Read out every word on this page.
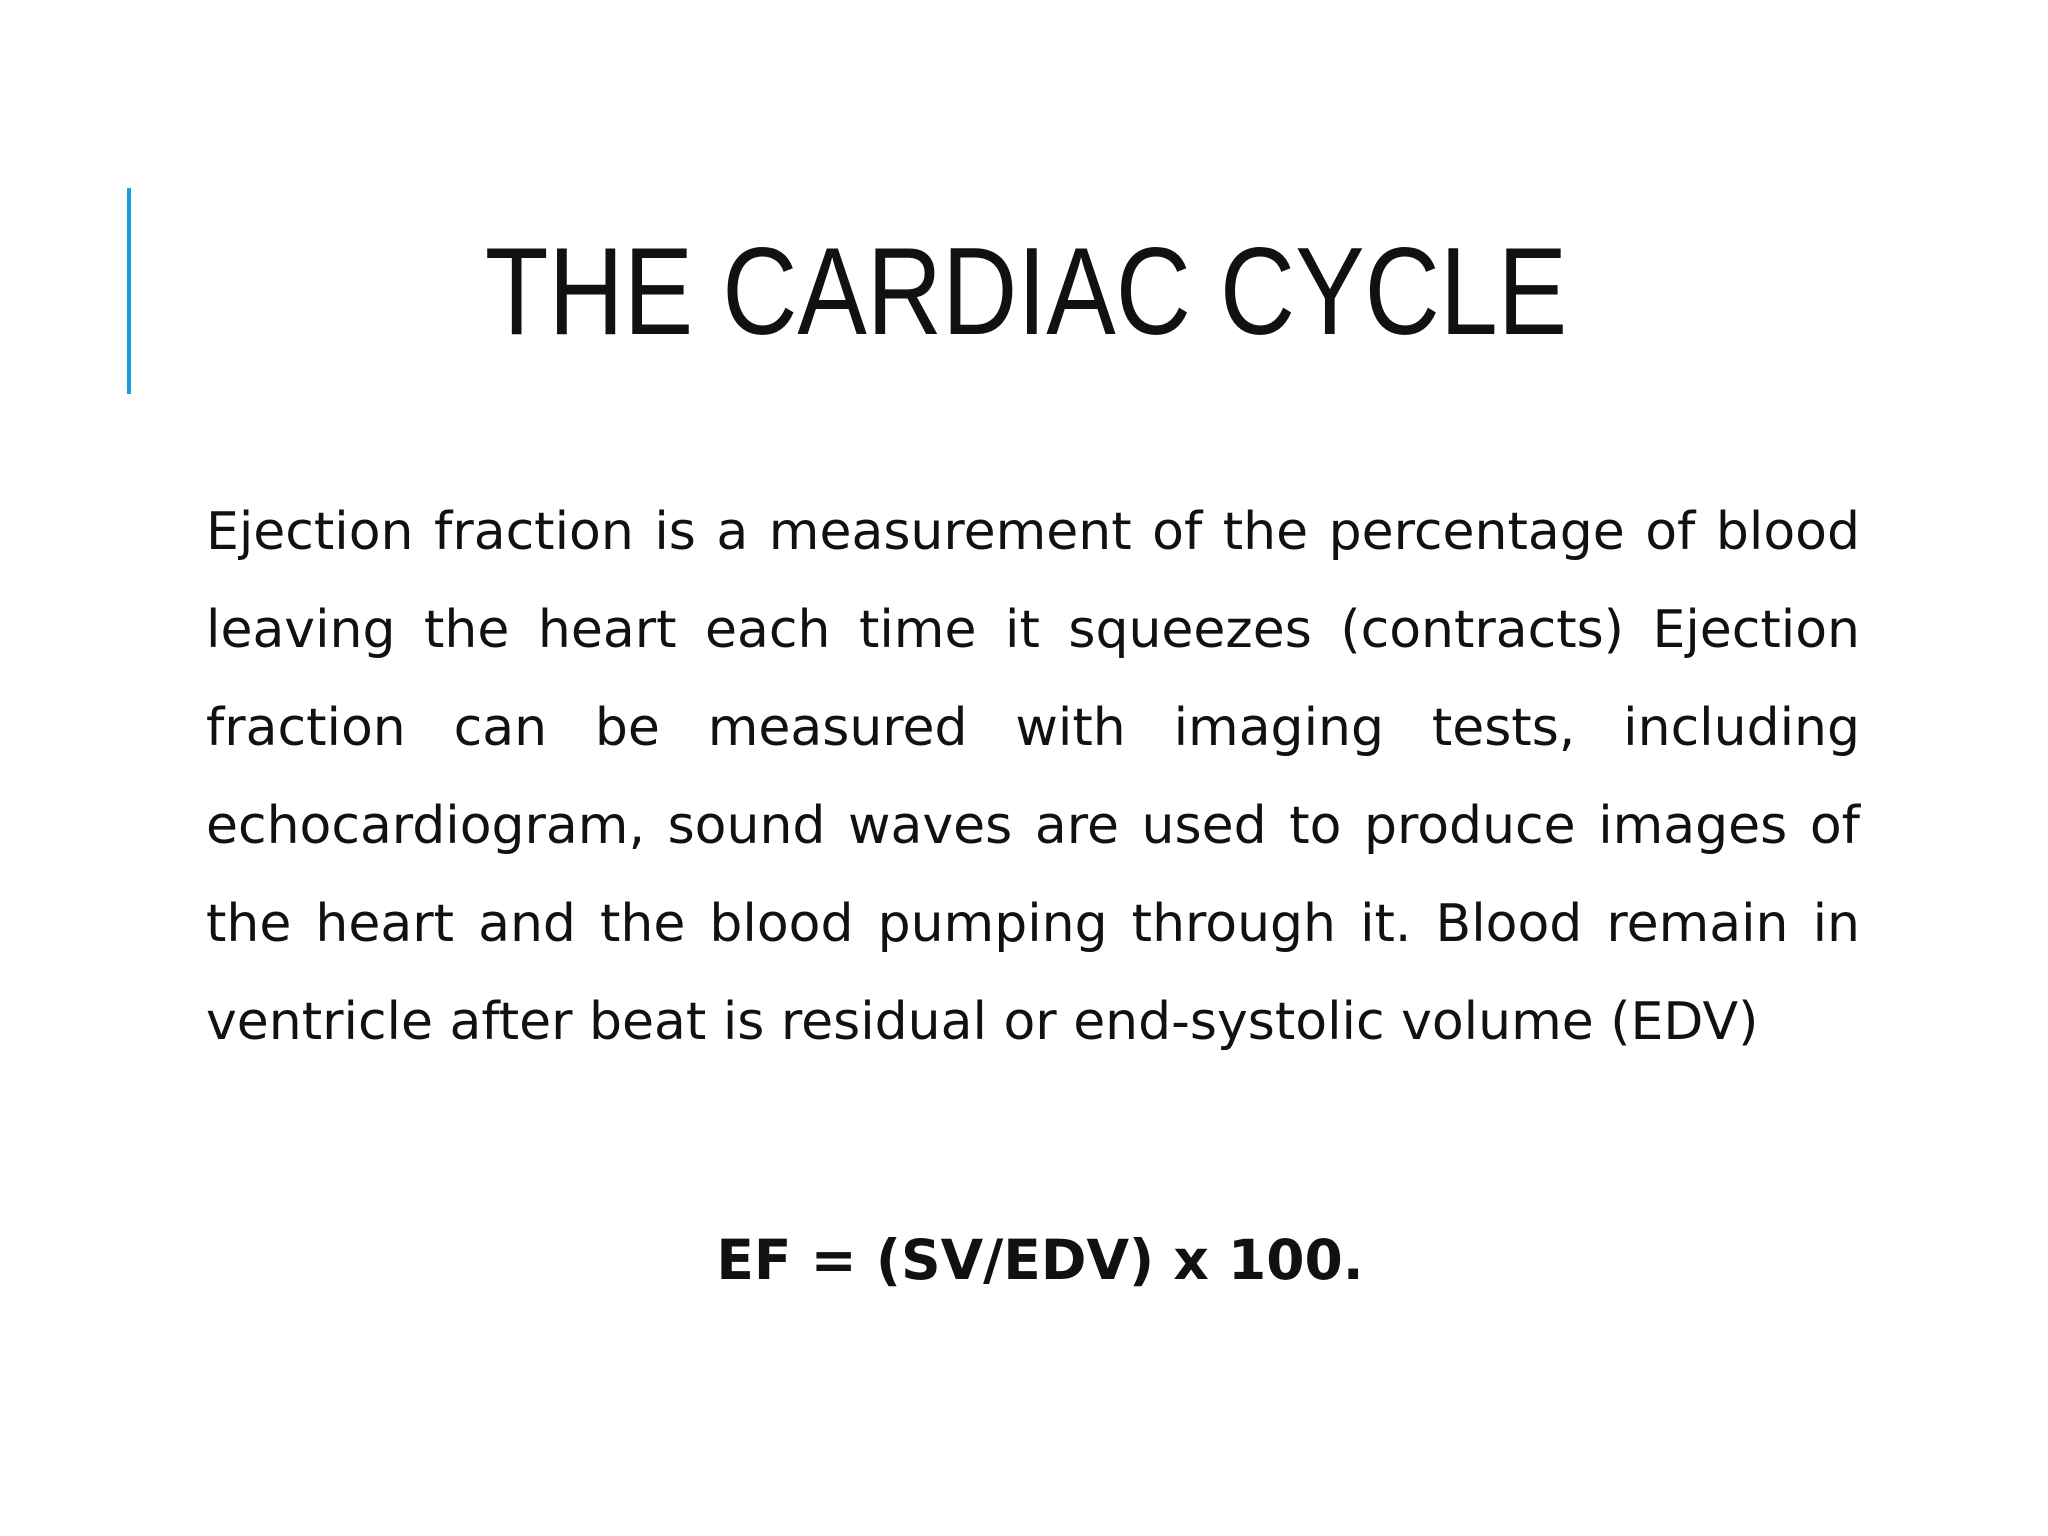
THE CARDIAC CYCLE

Ejection fraction is a measurement of the percentage of blood leaving the heart each time it squeezes (contracts) Ejection fraction can be measured with imaging tests, including echocardiogram, sound waves are used to produce images of the heart and the blood pumping through it. Blood remain in ventricle after beat is residual or end-systolic volume (EDV)

EF = (SV/EDV) x 100.
